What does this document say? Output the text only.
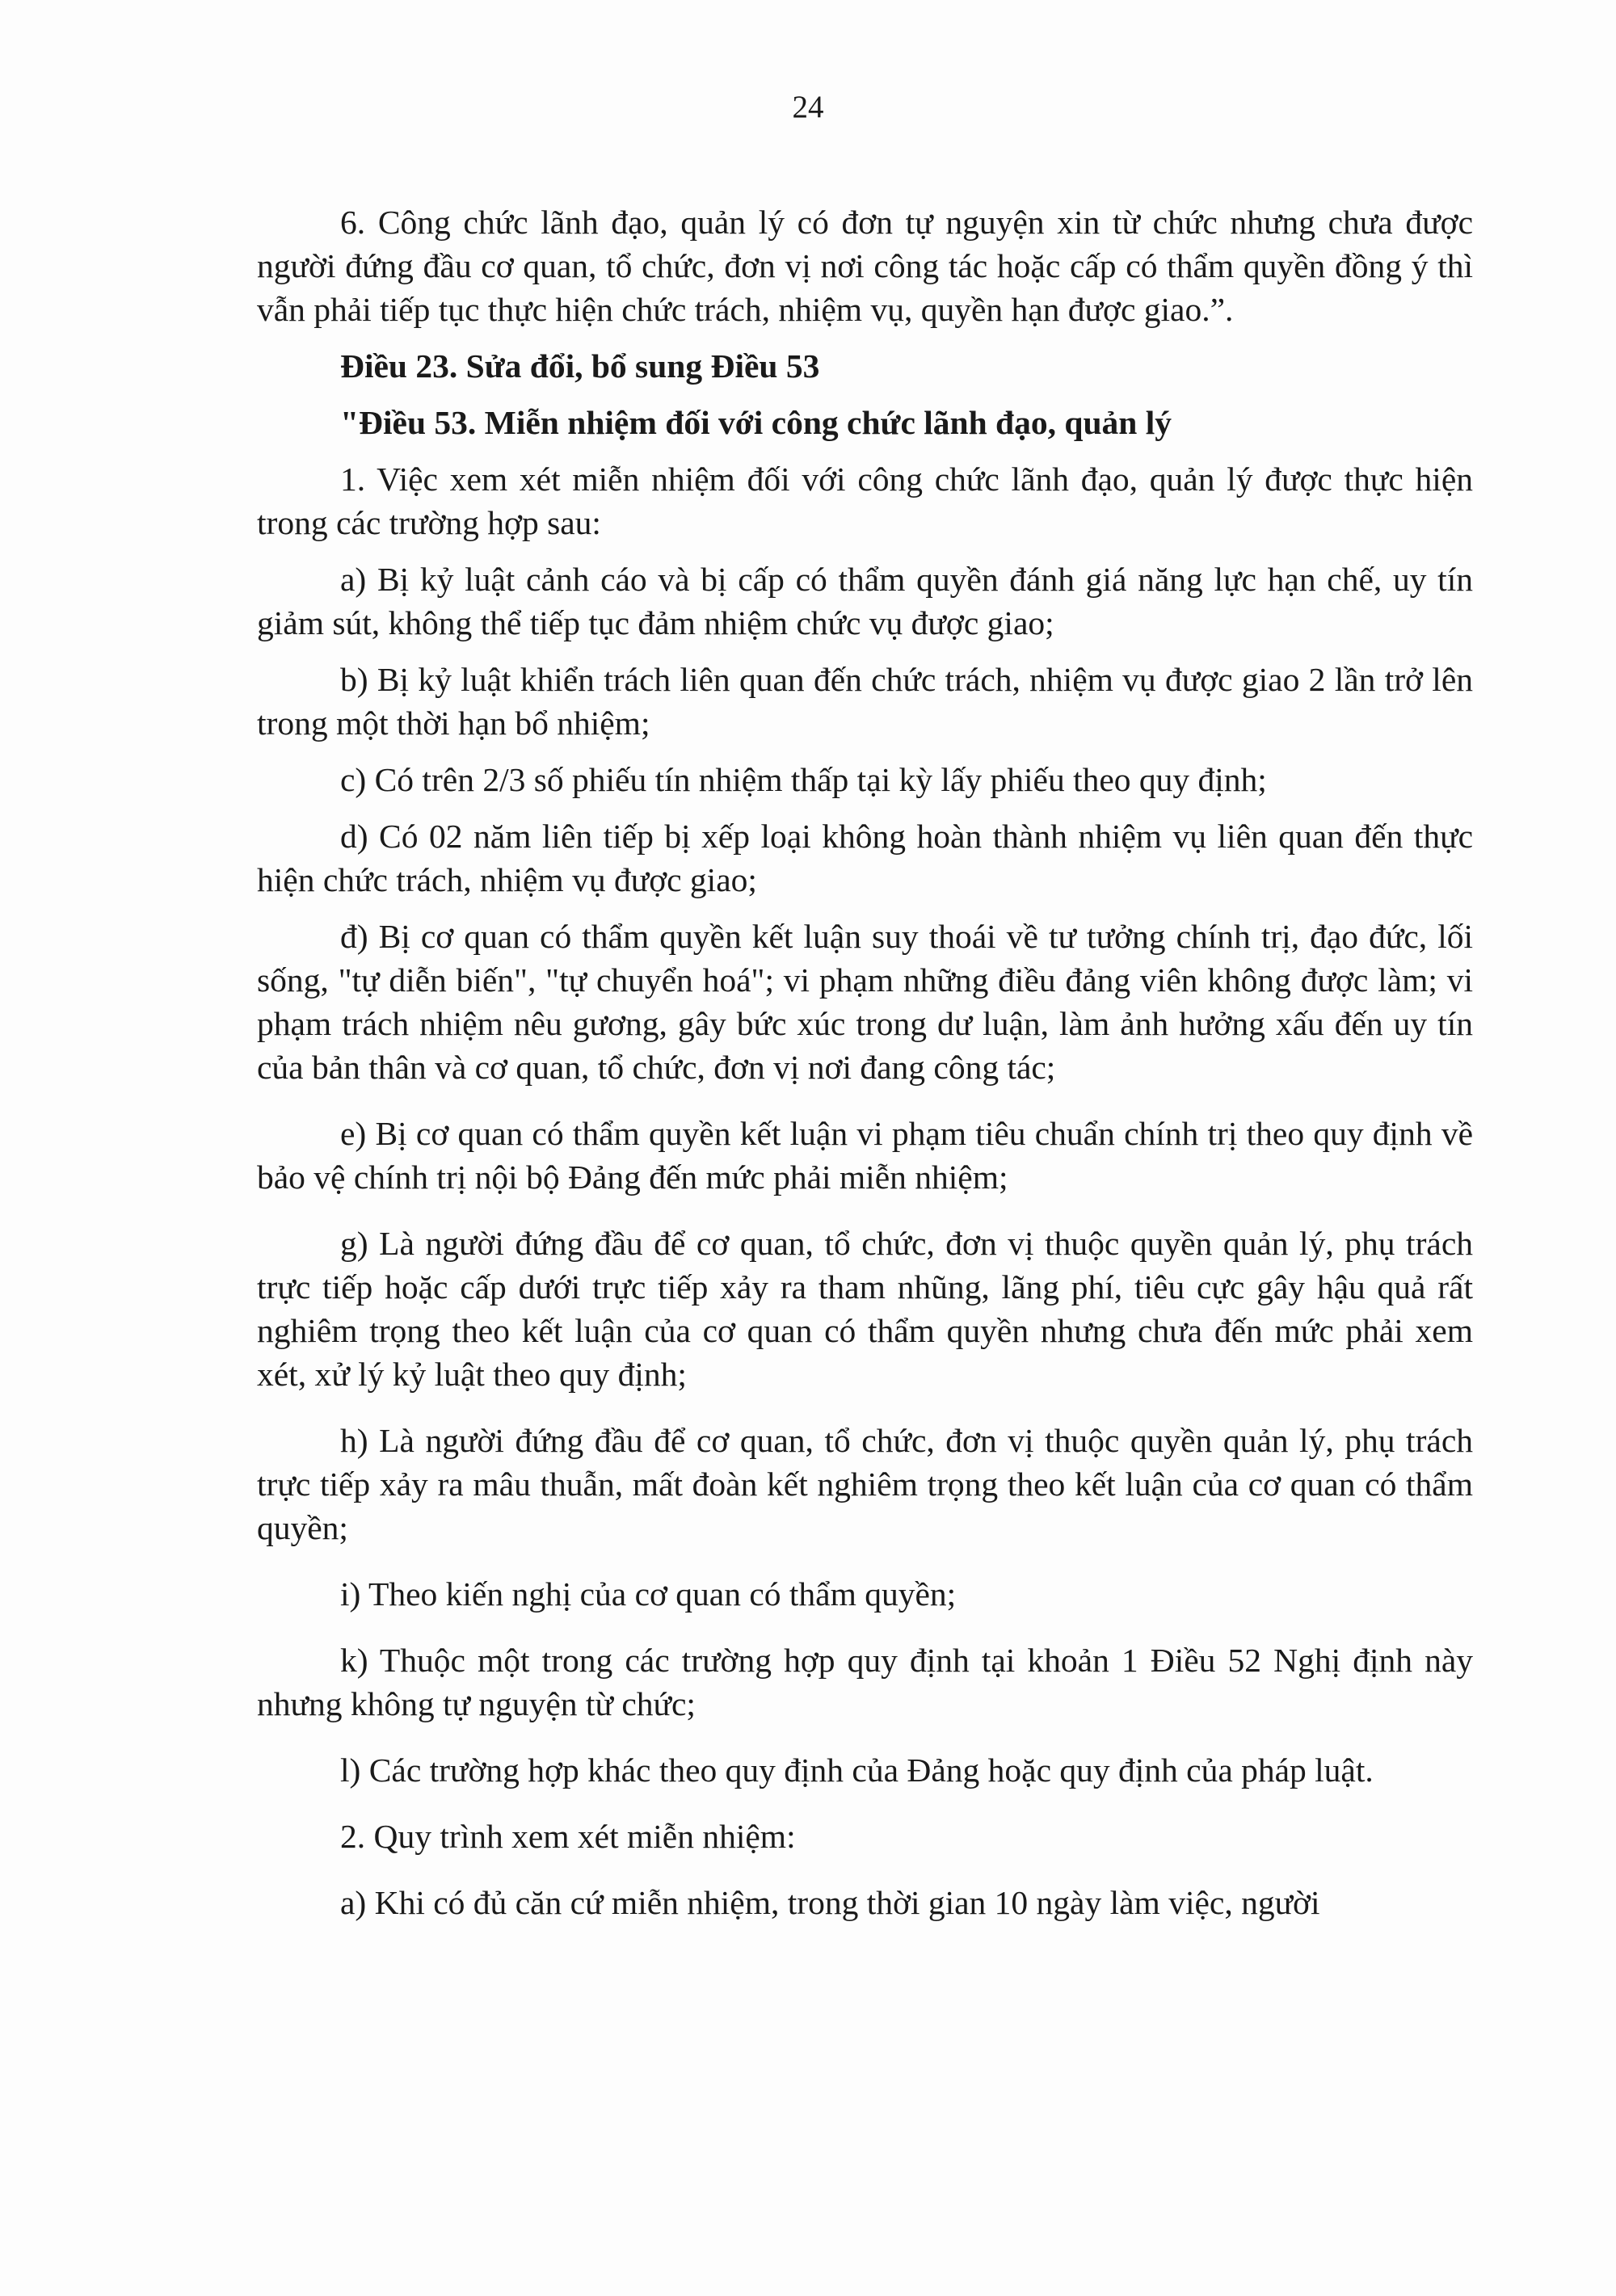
24

6. Công chức lãnh đạo, quản lý có đơn tự nguyện xin từ chức nhưng chưa được người đứng đầu cơ quan, tổ chức, đơn vị nơi công tác hoặc cấp có thẩm quyền đồng ý thì vẫn phải tiếp tục thực hiện chức trách, nhiệm vụ, quyền hạn được giao.”.

Điều 23. Sửa đổi, bổ sung Điều 53

"Điều 53. Miễn nhiệm đối với công chức lãnh đạo, quản lý

1. Việc xem xét miễn nhiệm đối với công chức lãnh đạo, quản lý được thực hiện trong các trường hợp sau:

a) Bị kỷ luật cảnh cáo và bị cấp có thẩm quyền đánh giá năng lực hạn chế, uy tín giảm sút, không thể tiếp tục đảm nhiệm chức vụ được giao;

b) Bị kỷ luật khiển trách liên quan đến chức trách, nhiệm vụ được giao 2 lần trở lên trong một thời hạn bổ nhiệm;

c) Có trên 2/3 số phiếu tín nhiệm thấp tại kỳ lấy phiếu theo quy định;

d) Có 02 năm liên tiếp bị xếp loại không hoàn thành nhiệm vụ liên quan đến thực hiện chức trách, nhiệm vụ được giao;

đ) Bị cơ quan có thẩm quyền kết luận suy thoái về tư tưởng chính trị, đạo đức, lối sống, "tự diễn biến", "tự chuyển hoá"; vi phạm những điều đảng viên không được làm; vi phạm trách nhiệm nêu gương, gây bức xúc trong dư luận, làm ảnh hưởng xấu đến uy tín của bản thân và cơ quan, tổ chức, đơn vị nơi đang công tác;

e) Bị cơ quan có thẩm quyền kết luận vi phạm tiêu chuẩn chính trị theo quy định về bảo vệ chính trị nội bộ Đảng đến mức phải miễn nhiệm;

g) Là người đứng đầu để cơ quan, tổ chức, đơn vị thuộc quyền quản lý, phụ trách trực tiếp hoặc cấp dưới trực tiếp xảy ra tham nhũng, lãng phí, tiêu cực gây hậu quả rất nghiêm trọng theo kết luận của cơ quan có thẩm quyền nhưng chưa đến mức phải xem xét, xử lý kỷ luật theo quy định;

h) Là người đứng đầu để cơ quan, tổ chức, đơn vị thuộc quyền quản lý, phụ trách trực tiếp xảy ra mâu thuẫn, mất đoàn kết nghiêm trọng theo kết luận của cơ quan có thẩm quyền;

i) Theo kiến nghị của cơ quan có thẩm quyền;

k) Thuộc một trong các trường hợp quy định tại khoản 1 Điều 52 Nghị định này nhưng không tự nguyện từ chức;

l) Các trường hợp khác theo quy định của Đảng hoặc quy định của pháp luật.

2. Quy trình xem xét miễn nhiệm:

a) Khi có đủ căn cứ miễn nhiệm, trong thời gian 10 ngày làm việc, người
